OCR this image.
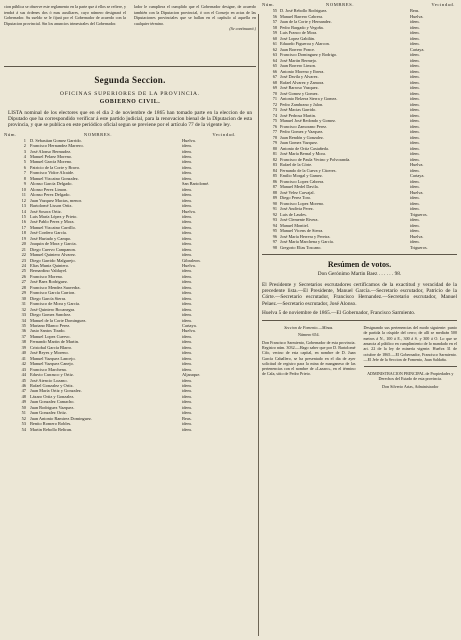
cion pública se observe este reglamento en la parte que á ellos se refiere, y tendrá á sus órdenes dos ó mas auxiliares, cuyo número designará el Gobernador. Su sueldo se le fijará por el Gobernador de acuerdo con la Diputacion provincial. Sin los anuncios trimestrales del Gobernador.

lador le cumpliera el cumplido que el Gobernador designe, de acuerdo también con la Diputacion provincial, ó con el Consejo en actas de las Diputaciones provinciales que se hallan en el capítulo al aquella en cualquier término.
(Se continuará.)

Segunda Seccion.
OFICINAS SUPERIORES DE LA PROVINCIA.
GOBIERNO CIVIL.

LISTA nominal de los electores que en el dia 2 de noviembre de 1865 han tomado parte en la eleccion de un Diputado que ha correspondido verificar á este partido judicial, para la renovacion bienal de la Diputacion de esta provincia, y que se publica en este periódico oficial segun se previene por el artículo 77 de la vigente ley.

Núm.	NOMBRES.	Vecindad.
1 D. Sebastian Gomez Garrido.	Huelva.
2 Francisco Hernandez Marrero.	idem.
3 José Alonso Bermudez.	idem.
4 Manuel Pelaez Moreno.	idem.
5 Manuel García Moreno.	idem.
6 Patricio de la Corte y Bravo.	idem.
7 Francisco Vidoe Alcaide.	idem.
8 Manuel Vizcaino Gonzalez.	idem.
9 Alonso García Delgado.	San Bartolomé.
10 Alonso Perez Limon.	idem.
11 Alonso Perez Delgado.	idem.
12 Juan Vazquez Macias, menor.	idem.
13 Bartolomé Lisson Ortiz.	idem.
14 José Sosora Ortiz.	Huelva.
15 Luis María López y Prieto.	idem.
16 José Pablo Perez y Mora.	idem.
17 Manuel Vizcaino Carrillo.	idem.
18 José Cordero García.	idem.
19 José Hurtado y Campo.	idem.
20 Joaquin de Mora y Garcia.	idem.
21 Diego Cuervo Campanon.	idem.
22 Manuel Quintero Alvarez.	idem.
23 Diego Garrido Malgarejo.	Gibraleon.
24 Elias Muniz Quintero.	Huelva.
25 Bernardino Valdayel.	idem.
26 Francisco Moreno.	idem.
27 José Baez Rodriguez.	idem.
28 Francisco Mendez Saavedra.	idem.
29 Francisco García Carrion.	idem.
30 Diego García Sierra.	idem.
31 Francisco de Mora y García.	idem.
32 José Quintero Bocanegra.	idem.
33 Diego Gomez Sanchez.	idem.
34 Manuel de la Corte Dominguez.	idem.
35 Mariano Blanco Perez.	Cartaya.
36 Justo Santos Tirado.	Huelva.
37 Manuel Lopez Cuervo.	idem.
38 Fernando Martin de Martin.	idem.
39 Cristobal García Blarro.	idem.
40 José Reyes y Moreno.	idem.
41 Manuel Vazquez Lancejo.	idem.
42 Manuel Vazquez Canejo.	idem.
43 Francisco Marchena.	idem.
44 Eduvio Carrasco y Ortiz.	Aljaraque.
45 José Atencio Lozano.	idem.
46 Rafael Gonzalez y Ortiz.	idem.
47 Juan María Ortiz y Gonzalez.	idem.
48 Lázaro Ortiz y Gonzalez.	idem.
49 Juan Gonzalez Camacho.	idem.
50 Juan Rodriguez Vazquez.	idem.
51 Juan Gonzalez Ortiz.	idem.
52 Juan Antonio Ramirez Dominguez.	Beas.
53 Benito Romero Robles.	idem.
54 Martin Rebollo Beltran.	idem.
Núm.	NOMBRES.	Vecindad.
55 D. José Rebollo Rodriguez.	Beas.
56 Manuel Barrero Cabrera.	Huelva.
57 Juan de la Corte y Hernandez.	idem.
58 Pedro Bargado y Vegoña.	idem.
59 Luis Franco de Mora.	idem.
60 José Lopez Gabilán.	idem.
61 Eduardo Figueroa y Alarcon.	idem.
62 Juan Borrero Ponce.	Cartaya.
63 Francisco Dominguez y Rodrigo.	idem.
64 José Martin Bermejo.	idem.
65 Juan Borrero Limon.	idem.
66 Antonio Moreno y Ibrera.	idem.
67 José Davila y Alvarez.	idem.
68 Rafael Alvarez y Zamora.	idem.
69 José Barroso Vazquez.	idem.
70 José Gomez y Gomez.	idem.
71 Antonio Belzera Sierra y Gomez.	idem.
72 Pedro Zambrano y Jalon.	idem.
73 José Macias Garrido.	idem.
74 José Pedrosa Martin.	idem.
75 Manuel José Redondo y Gomez.	idem.
76 Francisco Zamorano Perez.	idem.
77 Pedro Gomez y Vazquez.	idem.
78 Juan Rendón y Gonzalez.	idem.
79 Juan Gomez Vazquez.	idem.
80 Antonio de Ortiz Castañeda.	idem.
81 José María Bernal y Mora.	idem.
82 Francisco de Paula Vecino y Polvoranda.	idem.
83 Rafael de la Córte.	Huelva.
84 Fernando de la Cueva y Cáceres.	idem.
85 Emilio Morgal y Gamez.	Cartaya.
86 Francisco Lopez Cabrera.	idem.
87 Manuel Medel Davila.	idem.
88 José Velez Carvajal.	Huelva.
89 Diego Perez Toro.	idem.
90 Francisco Lopez Moreno.	idem.
91 José Andivia Perez.	idem.
92 Luis de Lasdes.	Trigueros.
93 José Clemente Rivera.	idem.
94 Manuel Montiel.	idem.
95 Manuel Vicens de Sierra.	idem.
96 José María Herrera y Pereira.	Huelva.
97 José María Marchena y García.	idem.
98 Gregorio Elias Toscano.	Trigueros.
Resúmen de votos.
Don Gerónimo Martin Baez . . . . . . 98.

El Presidente y Secretarios escrutadores certificamos de la exactitud y veracidad de la precedente lista.—El Presidente, Manuel García.—Secretario escrutador, Patricio de la Córte.—Secretario escrutador, Francisco Hernandez.—Secretario escrutador, Manuel Pelaez.—Secretario escrutador, José Alonso.

Huelva 5 de noviembre de 1865.—El Gobernador, Francisco Sarmiento.

Seccion de Fomento.—Minas.

Número 654.

Don Francisco Sarmiento, Gobernador de esta provincia. Registro núm. 3032.—Hago saber que por D. Bartolomé Cifo, vecino de esta capital, en nombre de D. Juan García Caballero, se ha presentado en el dia de ayer solicitud de registro para la mina de manganeso de las pertenencias con el nombre de «Lazaro», en el término de Cala, sitio de Pedro Prieto.

Designando sus pertenencias del modo siguiente: punto de partida la cúspide del cerro; de allí se medirán 500 metros á N., 100 á E., 300 á S. y 300 á O. Lo que se anuncia al público en cumplimiento de lo mandado en el art. 22 de la ley de minería vigente. Huelva 31 de octubre de 1865.—El Gobernador, Francisco Sarmiento.—El Jefe de la Seccion de Fomento, Juan Saldaña.

ADMINISTRACION PRINCIPAL de Propiedades y Derechos del Estado de esta provincia.

Don Silverio Arias, Administrador
